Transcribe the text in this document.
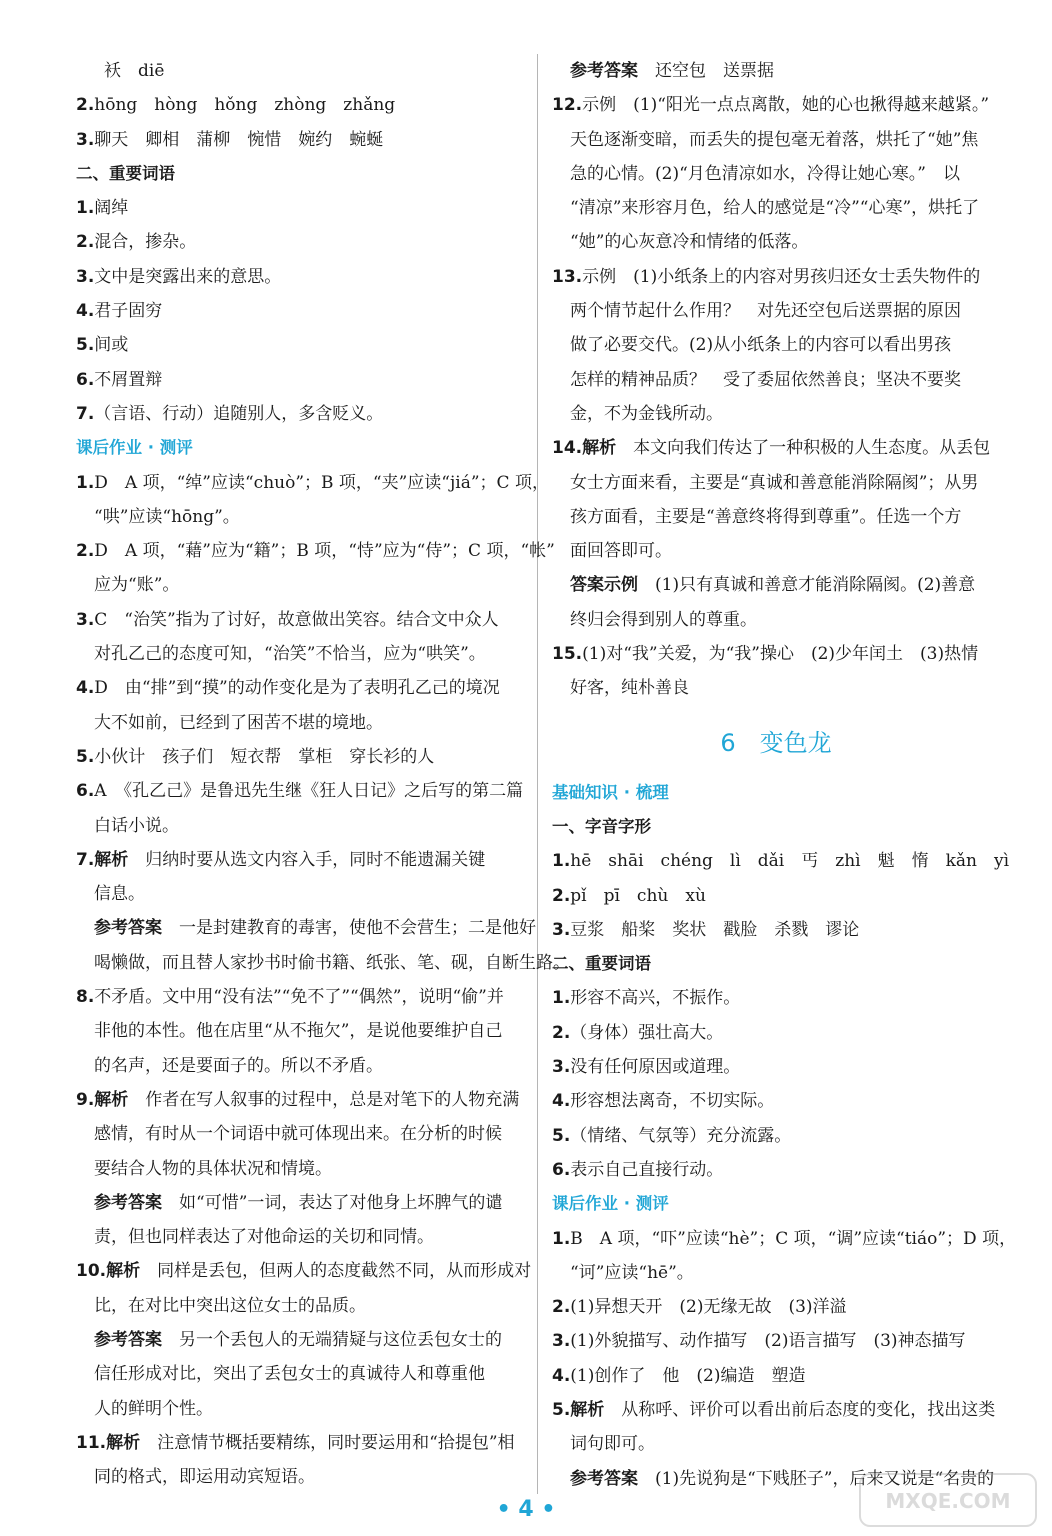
袄　diē
2.hōng　hòng　hǒng　zhòng　zhǎng
3.聊天　卿相　蒲柳　惋惜　婉约　蜿蜒
二、重要词语
1.阔绰
2.混合，掺杂。
3.文中是突露出来的意思。
4.君子固穷
5.间或
6.不屑置辩
7.（言语、行动）追随别人，多含贬义。
课后作业 · 测评
1.D　A 项，“绰”应读“chuò”；B 项，“夹”应读“jiá”；C 项，
“哄”应读“hōng”。
2.D　A 项，“藉”应为“籍”；B 项，“恃”应为“侍”；C 项，“帐”
应为“账”。
3.C　“治笑”指为了讨好，故意做出笑容。结合文中众人
对孔乙己的态度可知，“治笑”不恰当，应为“哄笑”。
4.D　由“排”到“摸”的动作变化是为了表明孔乙己的境况
大不如前，已经到了困苦不堪的境地。
5.小伙计　孩子们　短衣帮　掌柜　穿长衫的人
6.A　《孔乙己》是鲁迅先生继《狂人日记》之后写的第二篇
白话小说。
7.解析　归纳时要从选文内容入手，同时不能遗漏关键
信息。
参考答案　一是封建教育的毒害，使他不会营生；二是他好
喝懒做，而且替人家抄书时偷书籍、纸张、笔、砚，自断生路。
8.不矛盾。文中用“没有法”“免不了”“偶然”，说明“偷”并
非他的本性。他在店里“从不拖欠”，是说他要维护自己
的名声，还是要面子的。所以不矛盾。
9.解析　作者在写人叙事的过程中，总是对笔下的人物充满
感情，有时从一个词语中就可体现出来。在分析的时候
要结合人物的具体状况和情境。
参考答案　如“可惜”一词，表达了对他身上坏脾气的谴
责，但也同样表达了对他命运的关切和同情。
10.解析　同样是丢包，但两人的态度截然不同，从而形成对
比，在对比中突出这位女士的品质。
参考答案　另一个丢包人的无端猜疑与这位丢包女士的
信任形成对比，突出了丢包女士的真诚待人和尊重他
人的鲜明个性。
11.解析　注意情节概括要精练，同时要运用和“拾提包”相
同的格式，即运用动宾短语。
参考答案　还空包　送票据
12.示例　(1)“阳光一点点离散，她的心也揪得越来越紧。”
天色逐渐变暗，而丢失的提包毫无着落，烘托了“她”焦
急的心情。(2)“月色清凉如水，冷得让她心寒。”　以
“清凉”来形容月色，给人的感觉是“冷”“心寒”，烘托了
“她”的心灰意冷和情绪的低落。
13.示例　(1)小纸条上的内容对男孩归还女士丢失物件的
两个情节起什么作用？　对先还空包后送票据的原因
做了必要交代。(2)从小纸条上的内容可以看出男孩
怎样的精神品质？　受了委屈依然善良；坚决不要奖
金，不为金钱所动。
14.解析　本文向我们传达了一种积极的人生态度。从丢包
女士方面来看，主要是“真诚和善意能消除隔阂”；从男
孩方面看，主要是“善意终将得到尊重”。任选一个方
面回答即可。
答案示例　(1)只有真诚和善意才能消除隔阂。(2)善意
终归会得到别人的尊重。
15.(1)对“我”关爱，为“我”操心　(2)少年闰土　(3)热情
好客，纯朴善良
6　 变色龙
基础知识 · 梳理
一、字音字形
1.hē　shāi　chéng　lì　dǎi　丐　zhì　魁　惰　kǎn　yì
2.pǐ　pī　chù　xù
3.豆浆　船桨　奖状　戳脸　杀戮　谬论
二、重要词语
1.形容不高兴，不振作。
2.（身体）强壮高大。
3.没有任何原因或道理。
4.形容想法离奇，不切实际。
5.（情绪、气氛等）充分流露。
6.表示自己直接行动。
课后作业 · 测评
1.B　A 项，“吓”应读“hè”；C 项，“调”应读“tiáo”；D 项，
“诃”应读“hē”。
2.(1)异想天开　(2)无缘无故　(3)洋溢
3.(1)外貌描写、动作描写　(2)语言描写　(3)神态描写
4.(1)创作了　他　(2)编造　塑造
5.解析　从称呼、评价可以看出前后态度的变化，找出这类
词句即可。
参考答案　(1)先说狗是“下贱胚子”，后来又说是“名贵的
• 4 •	MXQE.COM
